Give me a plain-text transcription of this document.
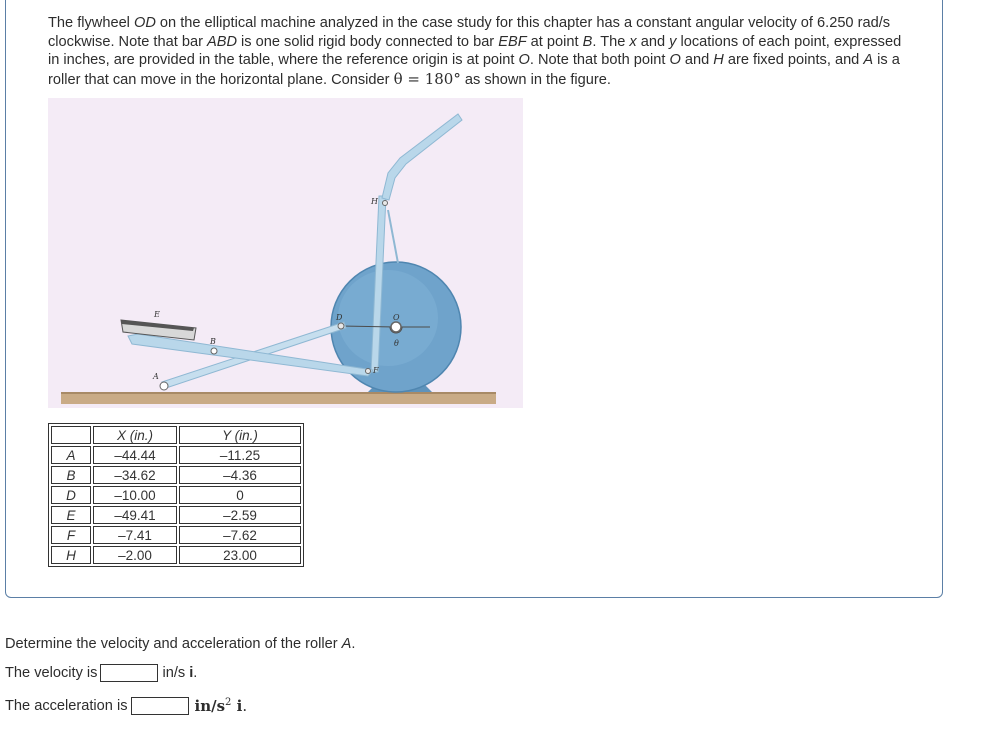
The flywheel OD on the elliptical machine analyzed in the case study for this chapter has a constant angular velocity of 6.250 rad/s clockwise. Note that bar ABD is one solid rigid body connected to bar EBF at point B. The x and y locations of each point, expressed in inches, are provided in the table, where the reference origin is at point O. Note that both point O and H are fixed points, and A is a roller that can move in the horizontal plane. Consider θ = 180° as shown in the figure.

E
B
A
D	O
θ
F
H
	X (in.)	Y (in.)
A	–44.44	–11.25
B	–34.62	–4.36
D	–10.00	0
E	–49.41	–2.59
F	–7.41	–7.62
H	–2.00	23.00
Determine the velocity and acceleration of the roller A.
The velocity is	in/s i.
The acceleration is	$in/s^2$ i.
